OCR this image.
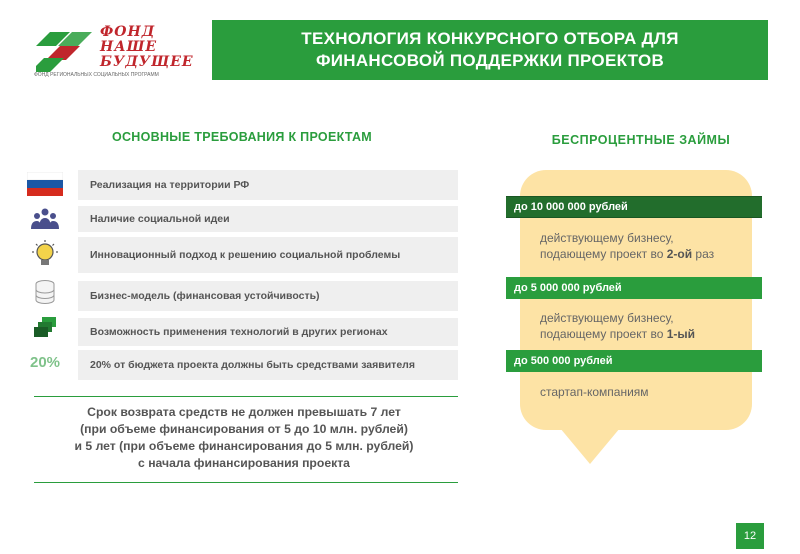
ФОНД
НАШЕ
БУДУЩЕЕ
ФОНД РЕГИОНАЛЬНЫХ СОЦИАЛЬНЫХ ПРОГРАММ
ТЕХНОЛОГИЯ КОНКУРСНОГО ОТБОРА ДЛЯ
ФИНАНСОВОЙ ПОДДЕРЖКИ ПРОЕКТОВ
ОСНОВНЫЕ ТРЕБОВАНИЯ К ПРОЕКТАМ
Реализация на территории РФ
Наличие социальной идеи
Инновационный подход к решению социальной проблемы
Бизнес-модель (финансовая устойчивость)
Возможность применения технологий в других регионах
20%	20% от бюджета проекта должны быть средствами заявителя
Срок возврата средств не должен превышать 7 лет
(при объеме финансирования от 5 до 10 млн. рублей)
и 5 лет (при объеме финансирования до 5 млн. рублей)
с начала финансирования проекта
БЕСПРОЦЕНТНЫЕ ЗАЙМЫ
до 10 000 000 рублей
действующему бизнесу, подающему проект во 2-ой раз
до 5 000 000 рублей
действующему бизнесу, подающему проект во 1-ый
до 500 000 рублей
стартап-компаниям
12
